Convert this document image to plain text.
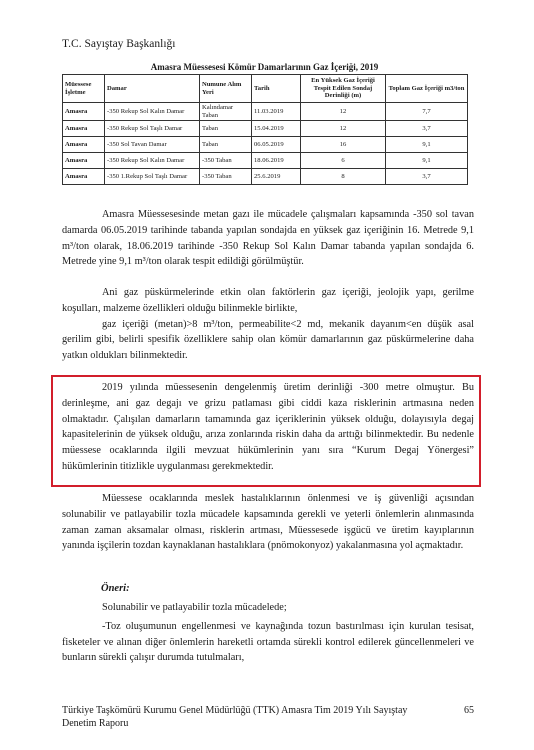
T.C. Sayıştay Başkanlığı
Amasra Müessesesi Kömür Damarlarının Gaz İçeriği, 2019
Müessese İşletme	Damar	Numune Alım Yeri	Tarih	En Yüksek Gaz İçeriği Tespit Edilen Sondaj Derinliği (m)	Toplam Gaz İçeriği m3/ton
Amasra	-350 Rekup Sol Kalın Damar	Kalındamar Taban	11.03.2019	12	7,7
Amasra	-350 Rekup Sol Taşlı Damar	Taban	15.04.2019	12	3,7
Amasra	-350 Sol Tavan Damar	Taban	06.05.2019	16	9,1
Amasra	-350 Rekup Sol Kalın Damar	-350 Taban	18.06.2019	6	9,1
Amasra	-350 1.Rekup Sol Taşlı Damar	-350 Taban	25.6.2019	8	3,7

Amasra Müessesesinde metan gazı ile mücadele çalışmaları kapsamında -350 sol tavan damarda 06.05.2019 tarihinde tabanda yapılan sondajda en yüksek gaz içeriğinin 16. Metrede 9,1 m³/ton olarak, 18.06.2019 tarihinde -350 Rekup Sol Kalın Damar tabanda yapılan sondajda 6. Metrede yine 9,1 m³/ton olarak tespit edildiği görülmüştür.

Ani gaz püskürmelerinde etkin olan faktörlerin gaz içeriği, jeolojik yapı, gerilme koşulları, malzeme özellikleri olduğu bilinmekle birlikte,

gaz içeriği (metan)>8 m³/ton, permeabilite<2 md, mekanik dayanım<en düşük asal gerilim gibi, belirli spesifik özelliklere sahip olan kömür damarlarının gaz püskürmelerine daha yatkın oldukları bilinmektedir.

2019 yılında müessesenin dengelenmiş üretim derinliği -300 metre olmuştur. Bu derinleşme, ani gaz degajı ve grizu patlaması gibi ciddi kaza risklerinin artmasına neden olmaktadır. Çalışılan damarların tamamında gaz içeriklerinin yüksek olduğu, dolayısıyla degaj kapasitelerinin de yüksek olduğu, arıza zonlarında riskin daha da arttığı bilinmektedir. Bu nedenle müessese ocaklarında ilgili mevzuat hükümlerinin yanı sıra “Kurum Degaj Yönergesi” hükümlerinin titizlikle uygulanması gerekmektedir.

Müessese ocaklarında meslek hastalıklarının önlenmesi ve iş güvenliği açısından solunabilir ve patlayabilir tozla mücadele kapsamında gerekli ve yeterli önlemlerin alınmasında zaman zaman aksamalar olması, risklerin artması, Müessesede işgücü ve üretim kayıplarının yanında işçilerin tozdan kaynaklanan hastalıklara (pnömokonyoz) yakalanmasına yol açmaktadır.

Öneri:

Solunabilir ve patlayabilir tozla mücadelede;

-Toz oluşumunun engellenmesi ve kaynağında tozun bastırılması için kurulan tesisat, fisketeler ve alınan diğer önlemlerin hareketli ortamda sürekli kontrol edilerek güncellenmeleri ve bunların sürekli çalışır durumda tutulmaları,

Türkiye Taşkömürü Kurumu Genel Müdürlüğü (TTK) Amasra Tim 2019 Yılı Sayıştay Denetim Raporu
65
